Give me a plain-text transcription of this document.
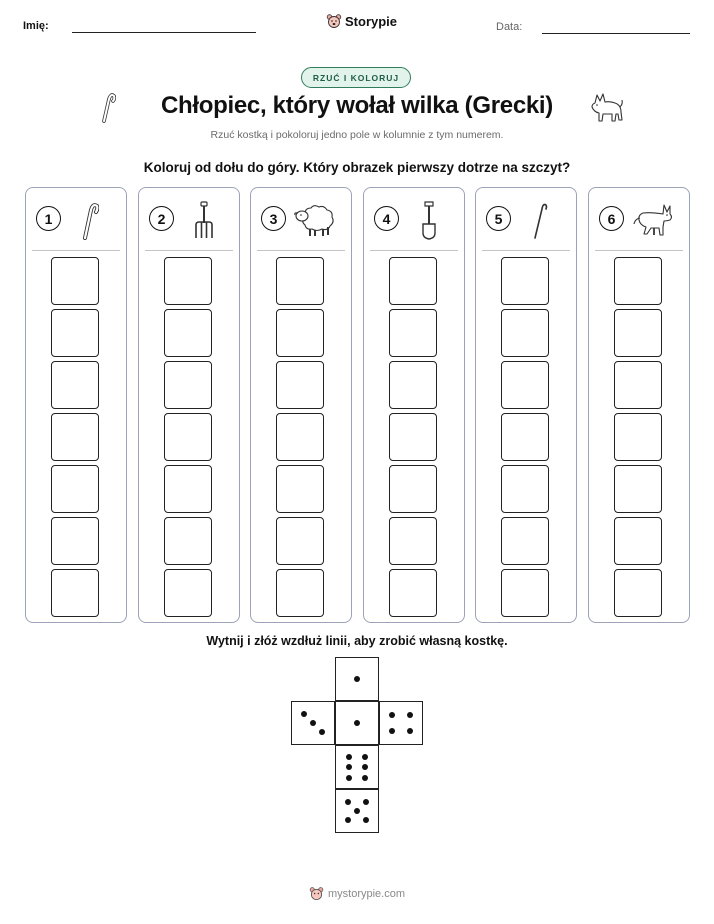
Imię:	Storypie	Data:
RZUĆ I KOLORUJ
Chłopiec, który wołał wilka (Grecki)
Rzuć kostką i pokoloruj jedno pole w kolumnie z tym numerem.
Koloruj od dołu do góry. Który obrazek pierwszy dotrze na szczyt?
1	2	3	4	5	6
Wytnij i złóż wzdłuż linii, aby zrobić własną kostkę.
mystorypie.com
